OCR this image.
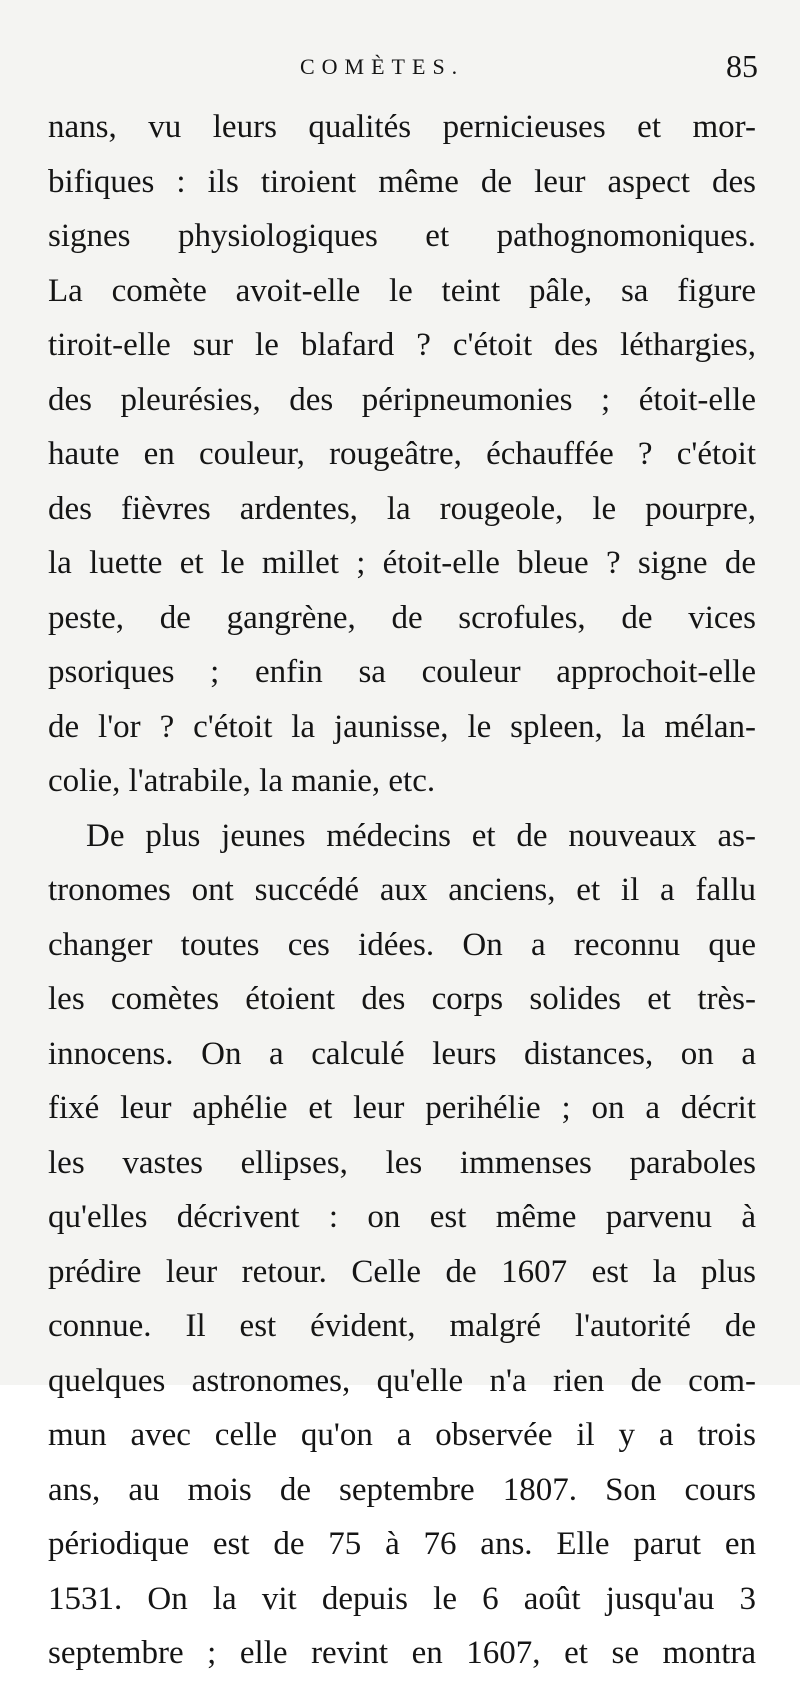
COMÈTES.	85
nans, vu leurs qualités pernicieuses et mor-
bifiques : ils tiroient même de leur aspect des
signes physiologiques et pathognomoniques.
La comète avoit-elle le teint pâle, sa figure
tiroit-elle sur le blafard ? c'étoit des léthargies,
des pleurésies, des péripneumonies ; étoit-elle
haute en couleur, rougeâtre, échauffée ? c'étoit
des fièvres ardentes, la rougeole, le pourpre,
la luette et le millet ; étoit-elle bleue ? signe de
peste, de gangrène, de scrofules, de vices
psoriques ; enfin sa couleur approchoit-elle
de l'or ? c'étoit la jaunisse, le spleen, la mélan-
colie, l'atrabile, la manie, etc.
De plus jeunes médecins et de nouveaux as-
tronomes ont succédé aux anciens, et il a fallu
changer toutes ces idées. On a reconnu que
les comètes étoient des corps solides et très-
innocens. On a calculé leurs distances, on a
fixé leur aphélie et leur perihélie ; on a décrit
les vastes ellipses, les immenses paraboles
qu'elles décrivent : on est même parvenu à
prédire leur retour. Celle de 1607 est la plus
connue. Il est évident, malgré l'autorité de
quelques astronomes, qu'elle n'a rien de com-
mun avec celle qu'on a observée il y a trois
ans, au mois de septembre 1807. Son cours
périodique est de 75 à 76 ans. Elle parut en
1531. On la vit depuis le 6 août jusqu'au 3
septembre ; elle revint en 1607, et se montra
